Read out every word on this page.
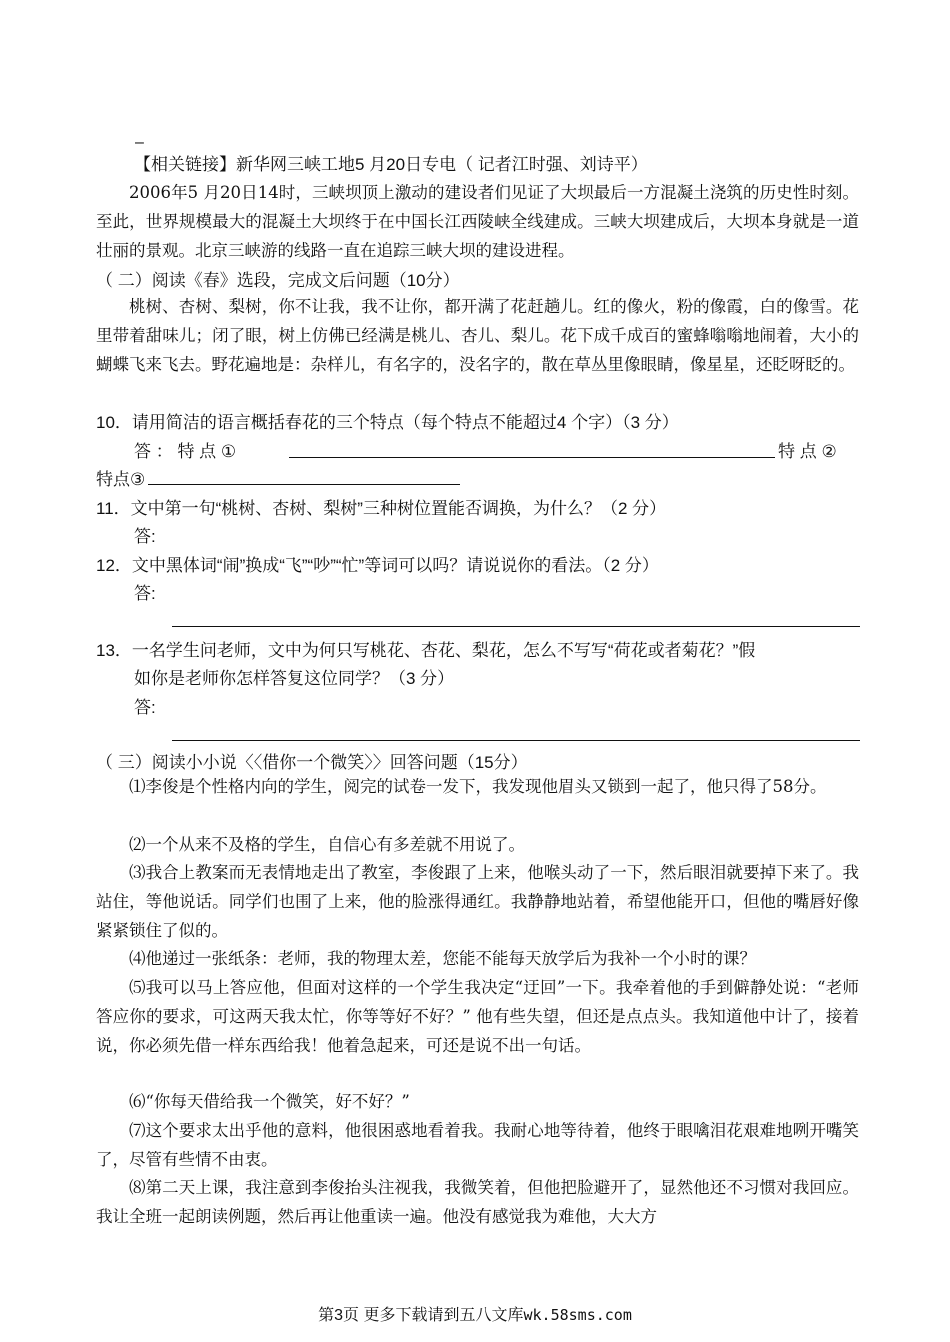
–
【相关链接】新华网三峡工地5 月20日专电（ 记者江时强、刘诗平）
2006年5 月20日14时，三峡坝顶上激动的建设者们见证了大坝最后一方混凝土浇筑的历史性时刻。至此，世界规模最大的混凝土大坝终于在中国长江西陵峡全线建成。三峡大坝建成后，大坝本身就是一道壮丽的景观。北京三峡游的线路一直在追踪三峡大坝的建设进程。
（ 二）阅读《春》选段，完成文后问题（10分）
桃树、杏树、梨树，你不让我，我不让你，都开满了花赶趟儿。红的像火，粉的像霞，白的像雪。花里带着甜味儿；闭了眼，树上仿佛已经满是桃儿、杏儿、梨儿。花下成千成百的蜜蜂嗡嗡地闹着，大小的蝴蝶飞来飞去。野花遍地是：杂样儿，有名字的，没名字的，散在草丛里像眼睛，像星星，还眨呀眨的。
10．请用简洁的语言概括春花的三个特点（每个特点不能超过4 个字）（3 分）
答 ： 特 点 ①	特 点 ②
特点③
11．文中第一句“桃树、杏树、梨树”三种树位置能否调换，为什么？（2 分）
答:
12．文中黑体词“闹”换成“飞”“吵”“忙”等词可以吗？请说说你的看法。（2 分）
答:
13．一名学生问老师，文中为何只写桃花、杏花、梨花，怎么不写写“荷花或者菊花？”假
如你是老师你怎样答复这位同学？（3 分）
答:
（ 三）阅读小小说〈〈借你一个微笑〉〉回答问题（15分）
⑴李俊是个性格内向的学生，阅完的试卷一发下，我发现他眉头又锁到一起了，他只得了58分。
⑵一个从来不及格的学生，自信心有多差就不用说了。
⑶我合上教案而无表情地走出了教室，李俊跟了上来，他喉头动了一下，然后眼泪就要掉下来了。我站住，等他说话。同学们也围了上来，他的脸涨得通红。我静静地站着，希望他能开口，但他的嘴唇好像紧紧锁住了似的。
⑷他递过一张纸条：老师，我的物理太差，您能不能每天放学后为我补一个小时的课？
⑸我可以马上答应他，但面对这样的一个学生我决定“迂回”一下。我牵着他的手到僻静处说：“老师答应你的要求，可这两天我太忙，你等等好不好？” 他有些失望，但还是点点头。我知道他中计了，接着说，你必须先借一样东西给我！他着急起来，可还是说不出一句话。
⑹“你每天借给我一个微笑，好不好？”
⑺这个要求太出乎他的意料，他很困惑地看着我。我耐心地等待着，他终于眼噙泪花艰难地咧开嘴笑了，尽管有些情不由衷。
⑻第二天上课，我注意到李俊抬头注视我，我微笑着，但他把脸避开了，显然他还不习惯对我回应。我让全班一起朗读例题，然后再让他重读一遍。他没有感觉我为难他，大大方
第3页 更多下载请到五八文库wk.58sms.com
